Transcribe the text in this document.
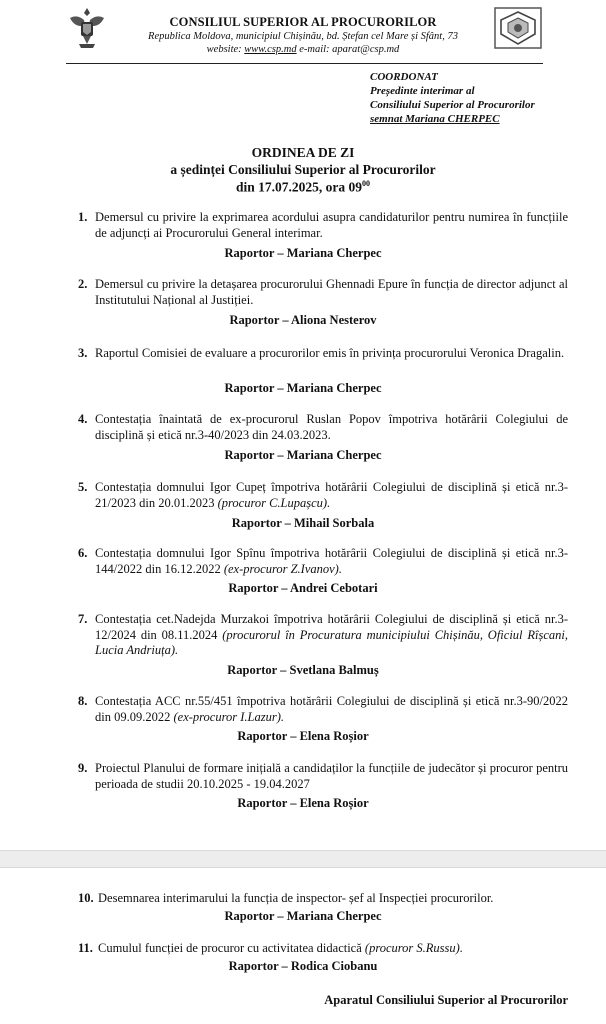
CONSILIUL SUPERIOR AL PROCURORILOR
Republica Moldova, municipiul Chișinău, bd. Ștefan cel Mare și Sfânt, 73
website: www.csp.md e-mail: aparat@csp.md
COORDONAT
Președinte interimar al
Consiliului Superior al Procurorilor
semnat Mariana CHERPEC
ORDINEA DE ZI
a ședinței Consiliului Superior al Procurorilor
din 17.07.2025, ora $09^{00}$
1. Demersul cu privire la exprimarea acordului asupra candidaturilor pentru numirea în funcțiile de adjuncți ai Procurorului General interimar.
Raportor – Mariana Cherpec
2. Demersul cu privire la detașarea procurorului Ghennadi Epure în funcția de director adjunct al Institutului Național al Justiției.
Raportor – Aliona Nesterov
3. Raportul Comisiei de evaluare a procurorilor emis în privința procurorului Veronica Dragalin.
Raportor – Mariana Cherpec
4. Contestația înaintată de ex-procurorul Ruslan Popov împotriva hotărârii Colegiului de disciplină și etică nr.3-40/2023 din 24.03.2023.
Raportor – Mariana Cherpec
5. Contestația domnului Igor Cupeț împotriva hotărârii Colegiului de disciplină și etică nr.3-21/2023 din 20.01.2023 (procuror C.Lupașcu).
Raportor – Mihail Sorbala
6. Contestația domnului Igor Spînu împotriva hotărârii Colegiului de disciplină și etică nr.3-144/2022 din 16.12.2022 (ex-procuror Z.Ivanov).
Raportor – Andrei Cebotari
7. Contestația cet.Nadejda Murzakoi împotriva hotărârii Colegiului de disciplină și etică nr.3-12/2024 din 08.11.2024 (procurorul în Procuratura municipiului Chișinău, Oficiul Rîșcani, Lucia Andriuța).
Raportor – Svetlana Balmuș
8. Contestația ACC nr.55/451 împotriva hotărârii Colegiului de disciplină și etică nr.3-90/2022 din 09.09.2022 (ex-procuror I.Lazur).
Raportor – Elena Roșior
9. Proiectul Planului de formare inițială a candidaților la funcțiile de judecător și procuror pentru perioada de studii 20.10.2025 - 19.04.2027
Raportor – Elena Roșior
10. Desemnarea interimarului la funcția de inspector- șef al Inspecției procurorilor.
Raportor – Mariana Cherpec
11. Cumulul funcției de procuror cu activitatea didactică (procuror S.Russu).
Raportor – Rodica Ciobanu
Aparatul Consiliului Superior al Procurorilor
